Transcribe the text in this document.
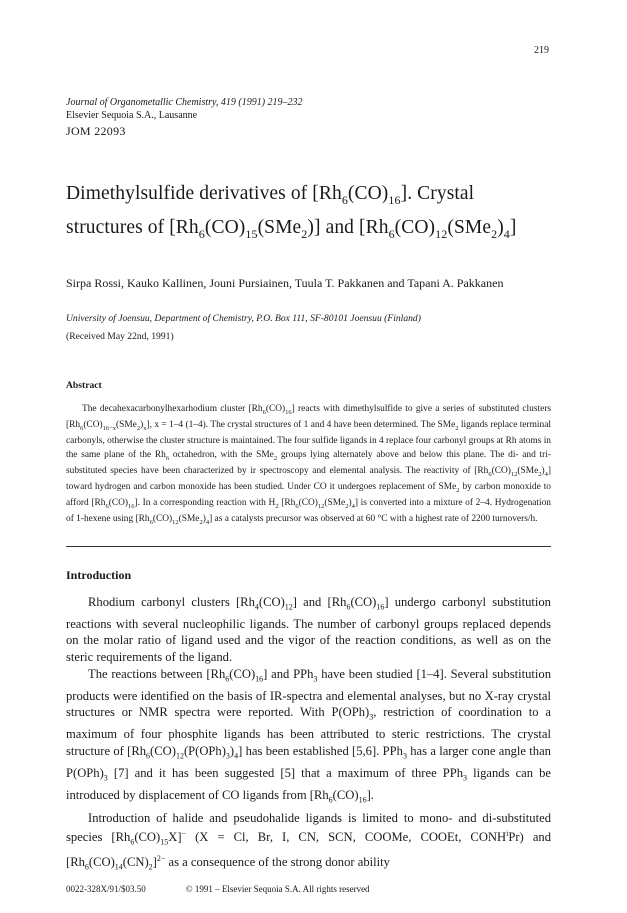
219
Journal of Organometallic Chemistry, 419 (1991) 219–232
Elsevier Sequoia S.A., Lausanne
JOM 22093
Dimethylsulfide derivatives of $[Rh_6(CO)_{16}]$. Crystal
structures of $[Rh_6(CO)_{15}(SMe_2)]$ and $[Rh_6(CO)_{12}(SMe_2)_4]$
Sirpa Rossi, Kauko Kallinen, Jouni Pursiainen, Tuula T. Pakkanen and Tapani A. Pakkanen
University of Joensuu, Department of Chemistry, P.O. Box 111, SF-80101 Joensuu (Finland)
(Received May 22nd, 1991)
Abstract

The decahexacarbonylhexarhodium cluster $[Rh_6(CO)_{16}]$ reacts with dimethylsulfide to give a series of substituted clusters $[Rh_6(CO)_{16-x}(SMe_2)_x]$, x = 1–4 (1–4). The crystal structures of 1 and 4 have been determined. The SMe$_2$ ligands replace terminal carbonyls, otherwise the cluster structure is maintained. The four sulfide ligands in 4 replace four carbonyl groups at Rh atoms in the same plane of the $Rh_6$ octahedron, with the SMe$_2$ groups lying alternately above and below this plane. The di- and tri-substituted species have been characterized by ir spectroscopy and elemental analysis. The reactivity of $[Rh_6(CO)_{12}(SMe_2)_4]$ toward hydrogen and carbon monoxide has been studied. Under CO it undergoes replacement of SMe$_2$ by carbon monoxide to afford $[Rh_6(CO)_{16}]$. In a corresponding reaction with $H_2$ $[Rh_6(CO)_{12}(SMe_2)_4]$ is converted into a mixture of 2–4. Hydrogenation of 1-hexene using $[Rh_6(CO)_{12}(SMe_2)_4]$ as a catalysts precursor was observed at 60 °C with a highest rate of 2200 turnovers/h.

Introduction

Rhodium carbonyl clusters $[Rh_4(CO)_{12}]$ and $[Rh_6(CO)_{16}]$ undergo carbonyl substitution reactions with several nucleophilic ligands. The number of carbonyl groups replaced depends on the molar ratio of ligand used and the vigor of the reaction conditions, as well as on the steric requirements of the ligand.

The reactions between $[Rh_6(CO)_{16}]$ and PPh$_3$ have been studied [1–4]. Several substitution products were identified on the basis of IR-spectra and elemental analyses, but no X-ray crystal structures or NMR spectra were reported. With $P(OPh)_3$, restriction of coordination to a maximum of four phosphite ligands has been attributed to steric restrictions. The crystal structure of $[Rh_6(CO)_{12}(P(OPh)_3)_4]$ has been established [5,6]. PPh$_3$ has a larger cone angle than $P(OPh)_3$ [7] and it has been suggested [5] that a maximum of three PPh$_3$ ligands can be introduced by displacement of CO ligands from $[Rh_6(CO)_{16}]$.

Introduction of halide and pseudohalide ligands is limited to mono- and di-substituted species $[Rh_6(CO)_{15}X]^-$ (X = Cl, Br, I, CN, SCN, COOMe, COOEt, CONH$^i$Pr) and $[Rh_6(CO)_{14}(CN)_2]^{2-}$ as a consequence of the strong donor ability

0022-328X/91/$03.50	© 1991 – Elsevier Sequoia S.A. All rights reserved
